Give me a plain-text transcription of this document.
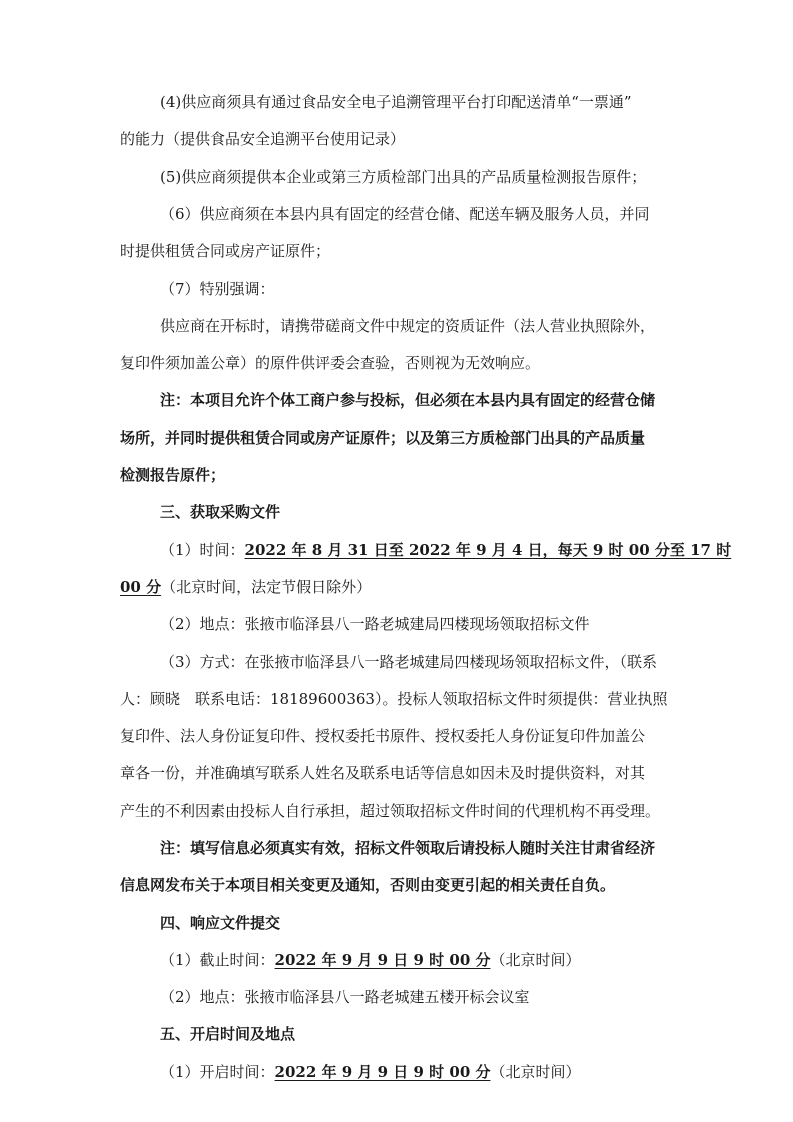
(4)供应商须具有通过食品安全电子追溯管理平台打印配送清单“一票通”
的能力（提供食品安全追溯平台使用记录）
(5)供应商须提供本企业或第三方质检部门出具的产品质量检测报告原件；
（6）供应商须在本县内具有固定的经营仓储、配送车辆及服务人员，并同
时提供租赁合同或房产证原件；
（7）特别强调：
供应商在开标时，请携带磋商文件中规定的资质证件（法人营业执照除外，
复印件须加盖公章）的原件供评委会查验，否则视为无效响应。
注：本项目允许个体工商户参与投标，但必须在本县内具有固定的经营仓储
场所，并同时提供租赁合同或房产证原件；以及第三方质检部门出具的产品质量
检测报告原件；
三、获取采购文件
（1）时间：2022 年 8 月 31 日至 2022 年 9 月 4 日，每天 9 时 00 分至 17 时
00 分（北京时间，法定节假日除外）
（2）地点：张掖市临泽县八一路老城建局四楼现场领取招标文件
（3）方式：在张掖市临泽县八一路老城建局四楼现场领取招标文件，（联系
人：顾晓　联系电话：18189600363）。投标人领取招标文件时须提供：营业执照
复印件、法人身份证复印件、授权委托书原件、授权委托人身份证复印件加盖公
章各一份，并准确填写联系人姓名及联系电话等信息如因未及时提供资料，对其
产生的不利因素由投标人自行承担，超过领取招标文件时间的代理机构不再受理。
注：填写信息必须真实有效，招标文件领取后请投标人随时关注甘肃省经济
信息网发布关于本项目相关变更及通知，否则由变更引起的相关责任自负。
四、响应文件提交
（1）截止时间：2022 年 9 月 9 日 9 时 00 分（北京时间）
（2）地点：张掖市临泽县八一路老城建五楼开标会议室
五、开启时间及地点
（1）开启时间：2022 年 9 月 9 日 9 时 00 分（北京时间）
